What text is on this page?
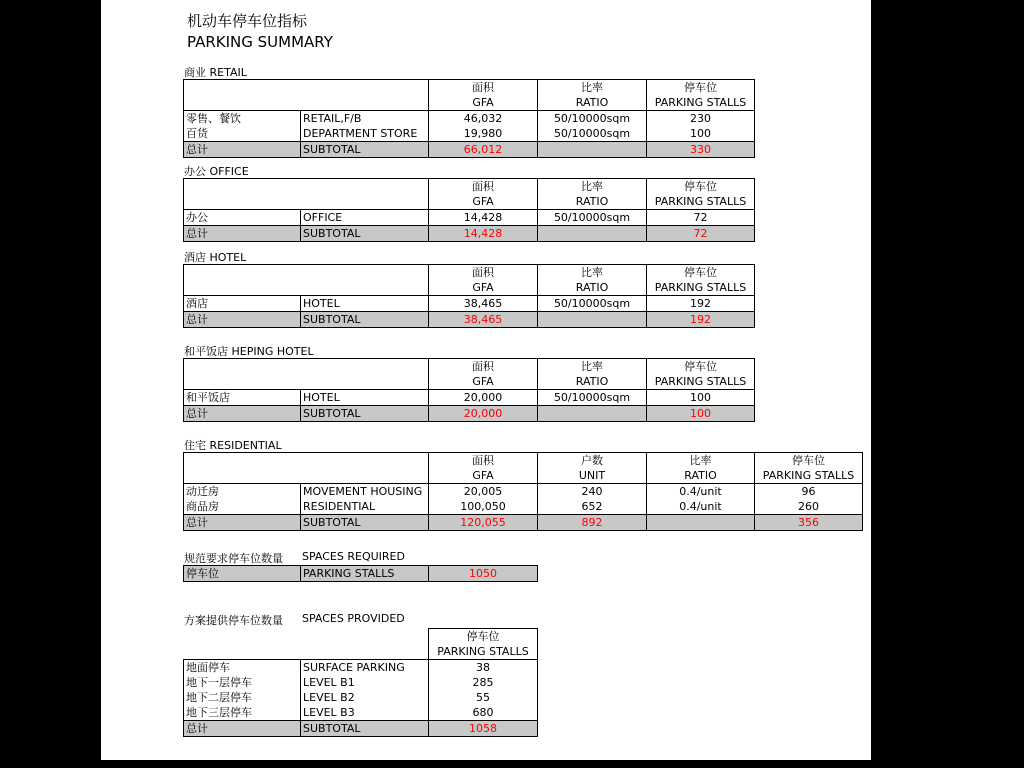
机动车停车位指标
PARKING SUMMARY
商业 RETAIL
		面积	比率	停车位
		GFA	RATIO	PARKING STALLS
零售、餐饮	RETAIL,F/B	46,032	50/10000sqm	230
百货	DEPARTMENT STORE	19,980	50/10000sqm	100
总计	SUBTOTAL	66,012		330
办公 OFFICE
		面积	比率	停车位
		GFA	RATIO	PARKING STALLS
办公	OFFICE	14,428	50/10000sqm	72
总计	SUBTOTAL	14,428		72
酒店 HOTEL
		面积	比率	停车位
		GFA	RATIO	PARKING STALLS
酒店	HOTEL	38,465	50/10000sqm	192
总计	SUBTOTAL	38,465		192
和平饭店 HEPING HOTEL
		面积	比率	停车位
		GFA	RATIO	PARKING STALLS
和平饭店	HOTEL	20,000	50/10000sqm	100
总计	SUBTOTAL	20,000		100
住宅 RESIDENTIAL
		面积	户数	比率	停车位
		GFA	UNIT	RATIO	PARKING STALLS
动迁房	MOVEMENT HOUSING	20,005	240	0.4/unit	96
商品房	RESIDENTIAL	100,050	652	0.4/unit	260
总计	SUBTOTAL	120,055	892		356
规范要求停车位数量 SPACES REQUIRED
停车位	PARKING STALLS	1050
方案提供停车位数量 SPACES PROVIDED
		停车位
		PARKING STALLS
地面停车	SURFACE PARKING	38
地下一层停车	LEVEL B1	285
地下二层停车	LEVEL B2	55
地下三层停车	LEVEL B3	680
总计	SUBTOTAL	1058
